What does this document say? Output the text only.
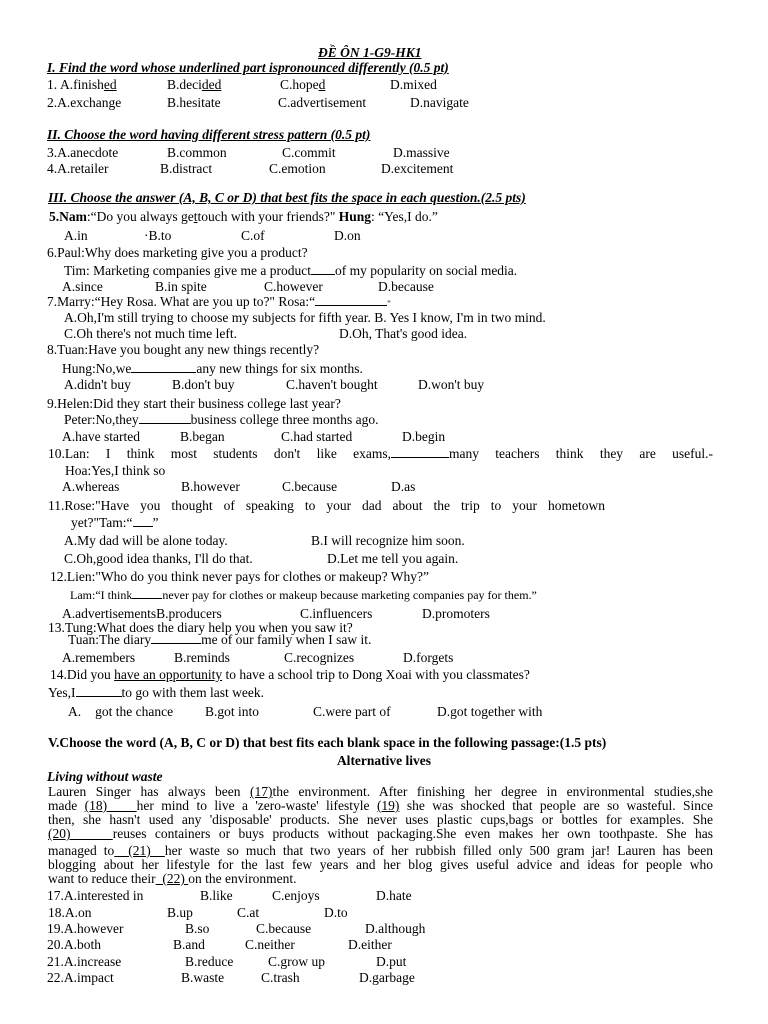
ĐỀ ÔN 1-G9-HK1
I. Find the word whose underlined part ispronounced differently (0.5 pt)
1. A.finished	B.decided	C.hoped	D.mixed
2.A.exchange	B.hesitate	C.advertisement	D.navigate
II. Choose the word having different stress pattern (0.5 pt)
3.A.anecdote	B.common	C.commit	D.massive
4.A.retailer	B.distract	C.emotion	D.excitement
III. Choose the answer (A, B, C or D) that best fits the space in each question.(2.5 pts)
5.Nam:“Do you always gettouch with your friends?" Hung: “Yes,I do.”
A.in	·B.to	C.of	D.on
6.Paul:Why does marketing give you a product?
Tim: Marketing companies give me a product of my popularity on social media.
A.since	B.in spite	C.however	D.because
7.Marry:“Hey Rosa. What are you up to?" Rosa:“	”
A.Oh,I'm still trying to choose my subjects for fifth year. B. Yes I know, I'm in two mind.
C.Oh there's not much time left.	D.Oh, That's good idea.
8.Tuan:Have you bought any new things recently?
Hung:No,we	any new things for six months.
A.didn't buy	B.don't buy	C.haven't bought	D.won't buy
9.Helen:Did they start their business college last year?
Peter:No,they	business college three months ago.
A.have started	B.began	C.had started	D.begin
10.Lan: I think most students don't like exams,	many teachers think they are useful.-
Hoa:Yes,I think so
A.whereas	B.however	C.because	D.as
11.Rose:"Have you thought of speaking to your dad about the trip to your hometown
yet?"Tam:“ ”
A.My dad will be alone today.	B.I will recognize him soon.
C.Oh,good idea thanks, I'll do that.	D.Let me tell you again.
12.Lien:"Who do you think never pays for clothes or makeup? Why?”
Lam:“I think	never pay for clothes or makeup because marketing companies pay for them.”
A.advertisementsB.producers	C.influencers	D.promoters
13.Tung:What does the diary help you when you saw it?
Tuan:The diary	me of our family when I saw it.
A.remembers	B.reminds	C.recognizes	D.forgets
14.Did you have an opportunity to have a school trip to Dong Xoai with you classmates?
Yes,I	to go with them last week.
A. got the chance B.got into	C.were part of	D.got together with
V.Choose the word (A, B, C or D) that best fits each blank space in the following passage:(1.5 pts)
Alternative lives
Living without waste
Lauren Singer has always been (17)the environment. After finishing her degree in environmental studies,she
made (18)    her mind to live a 'zero-waste' lifestyle (19) she was shocked that people are so wasteful. Since
then, she hasn't used any 'disposable' products. She never uses plastic cups,bags or bottles for examples. She
(20)     reuses containers or buys products without packaging.She even makes her own toothpaste. She has
managed to  (21)  her waste so much that two years of her rubbish filled only 500 gram jar! Lauren has been
blogging about her lifestyle for the last few years and her blog gives useful advice and ideas for people who
want to reduce their  (22) on the environment.
17.A.interested in	B.like	C.enjoys	D.hate
18.A.on	B.up	C.at	D.to
19.A.however	B.so	C.because	D.although
20.A.both	B.and	C.neither	D.either
21.A.increase	B.reduce	C.grow up	D.put
22.A.impact	B.waste	C.trash	D.garbage
